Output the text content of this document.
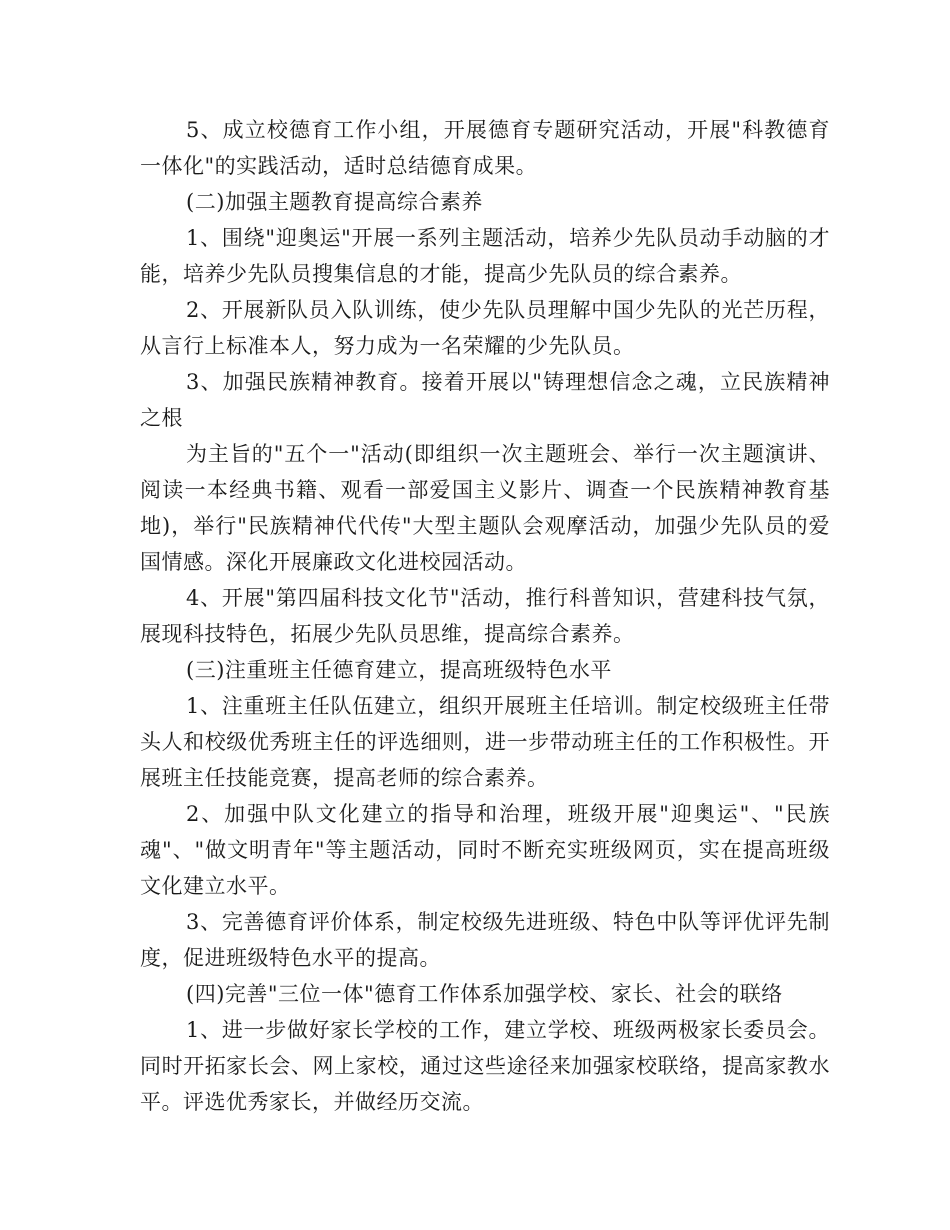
5、成立校德育工作小组，开展德育专题研究活动，开展"科教德育一体化"的实践活动，适时总结德育成果。

(二)加强主题教育提高综合素养

1、围绕"迎奥运"开展一系列主题活动，培养少先队员动手动脑的才能，培养少先队员搜集信息的才能，提高少先队员的综合素养。

2、开展新队员入队训练，使少先队员理解中国少先队的光芒历程，从言行上标准本人，努力成为一名荣耀的少先队员。

3、加强民族精神教育。接着开展以"铸理想信念之魂，立民族精神之根

为主旨的"五个一"活动(即组织一次主题班会、举行一次主题演讲、阅读一本经典书籍、观看一部爱国主义影片、调查一个民族精神教育基地)，举行"民族精神代代传"大型主题队会观摩活动，加强少先队员的爱国情感。深化开展廉政文化进校园活动。

4、开展"第四届科技文化节"活动，推行科普知识，营建科技气氛，展现科技特色，拓展少先队员思维，提高综合素养。

(三)注重班主任德育建立，提高班级特色水平

1、注重班主任队伍建立，组织开展班主任培训。制定校级班主任带头人和校级优秀班主任的评选细则，进一步带动班主任的工作积极性。开展班主任技能竞赛，提高老师的综合素养。

2、加强中队文化建立的指导和治理，班级开展"迎奥运"、"民族魂"、"做文明青年"等主题活动，同时不断充实班级网页，实在提高班级文化建立水平。

3、完善德育评价体系，制定校级先进班级、特色中队等评优评先制度，促进班级特色水平的提高。

(四)完善"三位一体"德育工作体系加强学校、家长、社会的联络

1、进一步做好家长学校的工作，建立学校、班级两极家长委员会。同时开拓家长会、网上家校，通过这些途径来加强家校联络，提高家教水平。评选优秀家长，并做经历交流。
